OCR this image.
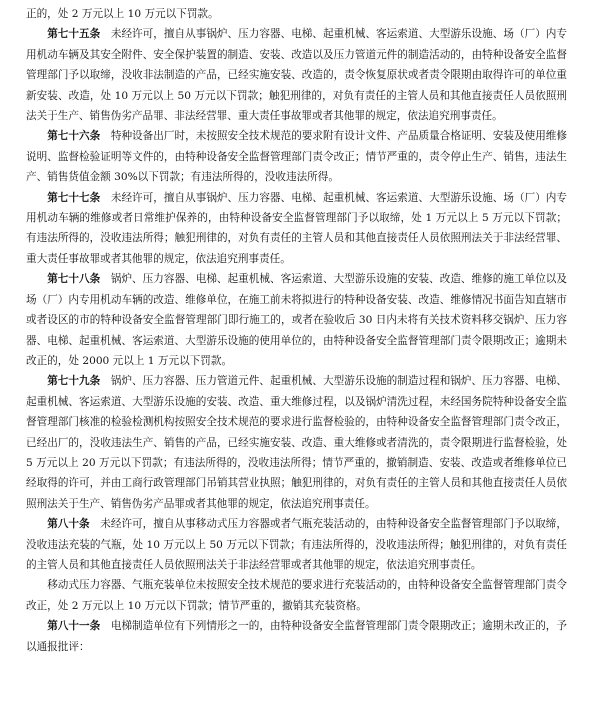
正的，处 2 万元以上 10 万元以下罚款。

第七十五条　未经许可，擅自从事锅炉、压力容器、电梯、起重机械、客运索道、大型游乐设施、场（厂）内专用机动车辆及其安全附件、安全保护装置的制造、安装、改造以及压力管道元件的制造活动的，由特种设备安全监督管理部门予以取缔，没收非法制造的产品，已经实施安装、改造的，责令恢复原状或者责令限期由取得许可的单位重新安装、改造，处 10 万元以上 50 万元以下罚款；触犯刑律的，对负有责任的主管人员和其他直接责任人员依照刑法关于生产、销售伪劣产品罪、非法经营罪、重大责任事故罪或者其他罪的规定，依法追究刑事责任。

第七十六条　特种设备出厂时，未按照安全技术规范的要求附有设计文件、产品质量合格证明、安装及使用维修说明、监督检验证明等文件的，由特种设备安全监督管理部门责令改正；情节严重的，责令停止生产、销售，违法生产、销售货值金额 30%以下罚款；有违法所得的，没收违法所得。

第七十七条　未经许可，擅自从事锅炉、压力容器、电梯、起重机械、客运索道、大型游乐设施、场（厂）内专用机动车辆的维修或者日常维护保养的，由特种设备安全监督管理部门予以取缔，处 1 万元以上 5 万元以下罚款；有违法所得的，没收违法所得；触犯刑律的，对负有责任的主管人员和其他直接责任人员依照刑法关于非法经营罪、重大责任事故罪或者其他罪的规定，依法追究刑事责任。

第七十八条　锅炉、压力容器、电梯、起重机械、客运索道、大型游乐设施的安装、改造、维修的施工单位以及场（厂）内专用机动车辆的改造、维修单位，在施工前未将拟进行的特种设备安装、改造、维修情况书面告知直辖市或者设区的市的特种设备安全监督管理部门即行施工的，或者在验收后 30 日内未将有关技术资料移交锅炉、压力容器、电梯、起重机械、客运索道、大型游乐设施的使用单位的，由特种设备安全监督管理部门责令限期改正；逾期未改正的，处 2000 元以上 1 万元以下罚款。

第七十九条　锅炉、压力容器、压力管道元件、起重机械、大型游乐设施的制造过程和锅炉、压力容器、电梯、起重机械、客运索道、大型游乐设施的安装、改造、重大维修过程，以及锅炉清洗过程，未经国务院特种设备安全监督管理部门核准的检验检测机构按照安全技术规范的要求进行监督检验的，由特种设备安全监督管理部门责令改正，已经出厂的，没收违法生产、销售的产品，已经实施安装、改造、重大维修或者清洗的，责令限期进行监督检验，处 5 万元以上 20 万元以下罚款；有违法所得的，没收违法所得；情节严重的，撤销制造、安装、改造或者维修单位已经取得的许可，并由工商行政管理部门吊销其营业执照；触犯刑律的，对负有责任的主管人员和其他直接责任人员依照刑法关于生产、销售伪劣产品罪或者其他罪的规定，依法追究刑事责任。

第八十条　未经许可，擅自从事移动式压力容器或者气瓶充装活动的，由特种设备安全监督管理部门予以取缔，没收违法充装的气瓶，处 10 万元以上 50 万元以下罚款；有违法所得的，没收违法所得；触犯刑律的，对负有责任的主管人员和其他直接责任人员依照刑法关于非法经营罪或者其他罪的规定，依法追究刑事责任。

移动式压力容器、气瓶充装单位未按照安全技术规范的要求进行充装活动的，由特种设备安全监督管理部门责令改正，处 2 万元以上 10 万元以下罚款；情节严重的，撤销其充装资格。

第八十一条　电梯制造单位有下列情形之一的，由特种设备安全监督管理部门责令限期改正；逾期未改正的，予以通报批评：
